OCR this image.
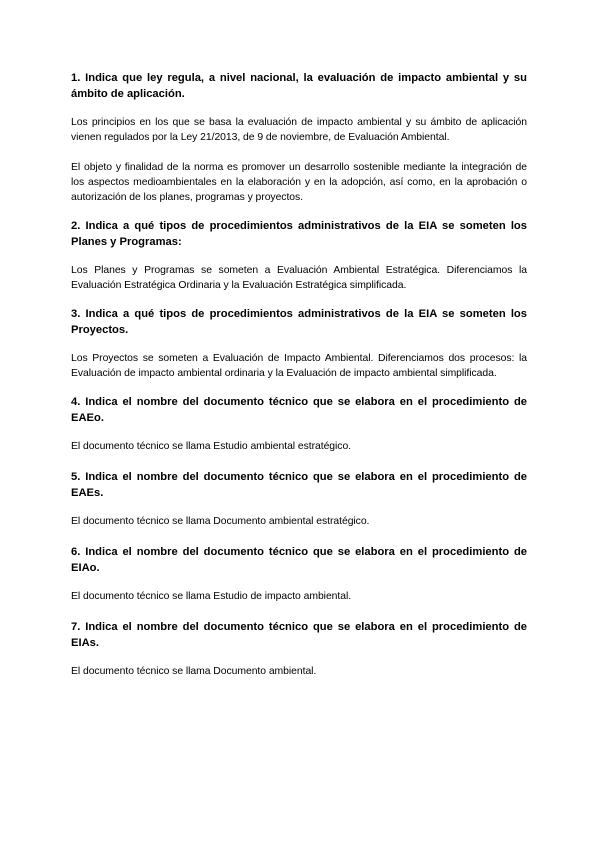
1. Indica que ley regula, a nivel nacional, la evaluación de impacto ambiental y su ámbito de aplicación.

Los principios en los que se basa la evaluación de impacto ambiental y su ámbito de aplicación vienen regulados por la Ley 21/2013, de 9 de noviembre, de Evaluación Ambiental.

El objeto y finalidad de la norma es promover un desarrollo sostenible mediante la integración de los aspectos medioambientales en la elaboración y en la adopción, así como, en la aprobación o autorización de los planes, programas y proyectos.

2. Indica a qué tipos de procedimientos administrativos de la EIA se someten los Planes y Programas:

Los Planes y Programas se someten a Evaluación Ambiental Estratégica. Diferenciamos la Evaluación Estratégica Ordinaria y la Evaluación Estratégica simplificada.

3. Indica a qué tipos de procedimientos administrativos de la EIA se someten los Proyectos.

Los Proyectos se someten a Evaluación de Impacto Ambiental. Diferenciamos dos procesos: la Evaluación de impacto ambiental ordinaria y la Evaluación de impacto ambiental simplificada.

4. Indica el nombre del documento técnico que se elabora en el procedimiento de EAEo.

El documento técnico se llama Estudio ambiental estratégico.

5. Indica el nombre del documento técnico que se elabora en el procedimiento de EAEs.

El documento técnico se llama Documento ambiental estratégico.

6. Indica el nombre del documento técnico que se elabora en el procedimiento de EIAo.

El documento técnico se llama Estudio de impacto ambiental.

7. Indica el nombre del documento técnico que se elabora en el procedimiento de EIAs.

El documento técnico se llama Documento ambiental.
